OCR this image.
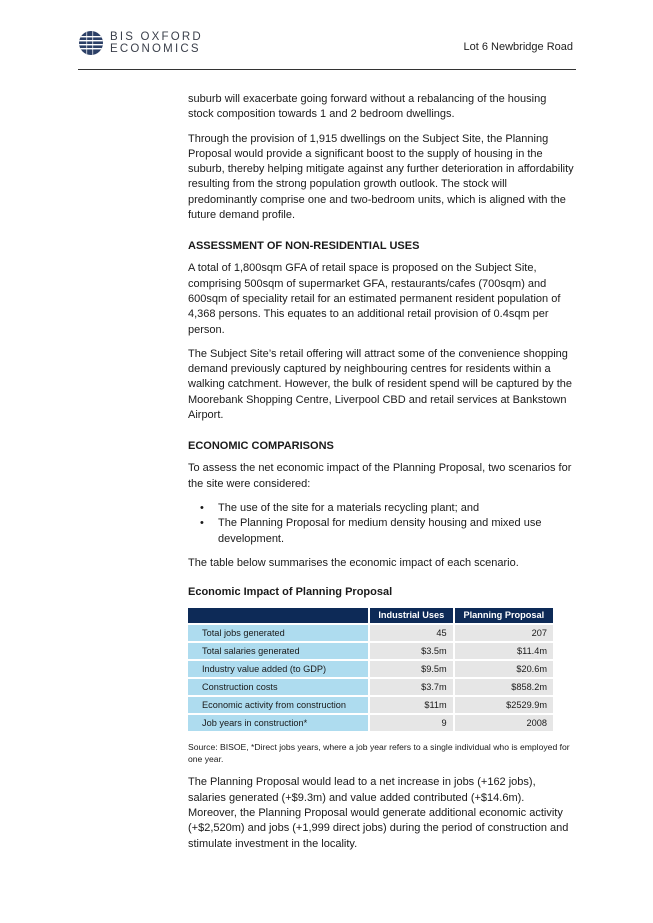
BIS OXFORD
ECONOMICS	Lot 6 Newbridge Road

suburb will exacerbate going forward without a rebalancing of the housing stock composition towards 1 and 2 bedroom dwellings.

Through the provision of 1,915 dwellings on the Subject Site, the Planning Proposal would provide a significant boost to the supply of housing in the suburb, thereby helping mitigate against any further deterioration in affordability resulting from the strong population growth outlook. The stock will predominantly comprise one and two-bedroom units, which is aligned with the future demand profile.

ASSESSMENT OF NON-RESIDENTIAL USES

A total of 1,800sqm GFA of retail space is proposed on the Subject Site, comprising 500sqm of supermarket GFA, restaurants/cafes (700sqm) and 600sqm of speciality retail for an estimated permanent resident population of 4,368 persons. This equates to an additional retail provision of 0.4sqm per person.

The Subject Site’s retail offering will attract some of the convenience shopping demand previously captured by neighbouring centres for residents within a walking catchment. However, the bulk of resident spend will be captured by the Moorebank Shopping Centre, Liverpool CBD and retail services at Bankstown Airport.

ECONOMIC COMPARISONS

To assess the net economic impact of the Planning Proposal, two scenarios for the site were considered:

• The use of the site for a materials recycling plant; and
• The Planning Proposal for medium density housing and mixed use development.

The table below summarises the economic impact of each scenario.

Economic Impact of Planning Proposal
	Industrial Uses	Planning Proposal
Total jobs generated	45	207
Total salaries generated	$3.5m	$11.4m
Industry value added (to GDP)	$9.5m	$20.6m
Construction costs	$3.7m	$858.2m
Economic activity from construction	$11m	$2529.9m
Job years in construction*	9	2008
Source: BISOE, *Direct jobs years, where a job year refers to a single individual who is employed for one year.

The Planning Proposal would lead to a net increase in jobs (+162 jobs), salaries generated (+$9.3m) and value added contributed (+$14.6m). Moreover, the Planning Proposal would generate additional economic activity (+$2,520m) and jobs (+1,999 direct jobs) during the period of construction and stimulate investment in the locality.
